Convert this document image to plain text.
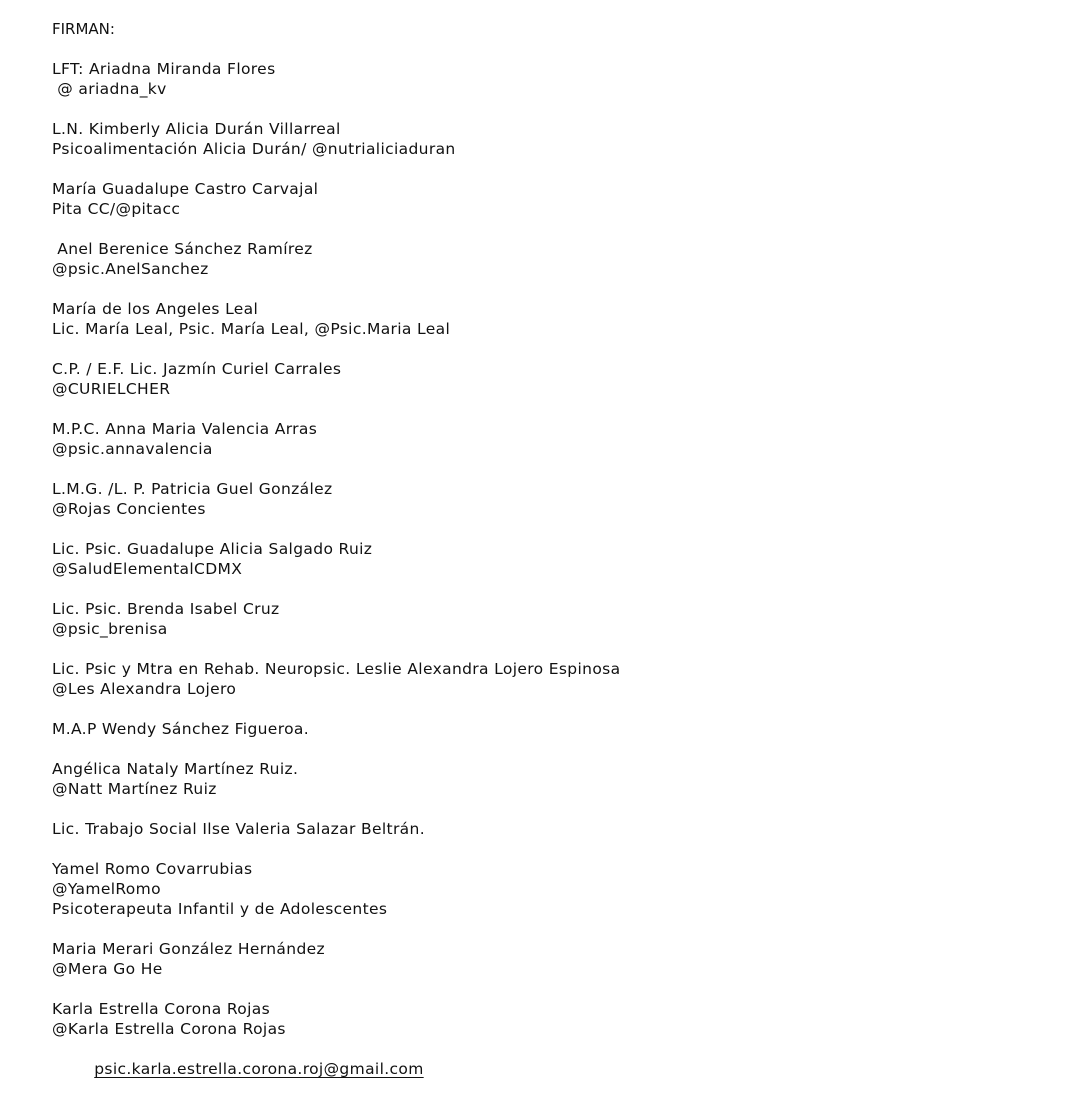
FIRMAN:
LFT: Ariadna Miranda Flores
@ ariadna_kv
L.N. Kimberly Alicia Durán Villarreal
Psicoalimentación Alicia Durán/ @nutrialiciaduran
María Guadalupe Castro Carvajal
Pita CC/@pitacc
Anel Berenice Sánchez Ramírez
@psic.AnelSanchez
María de los Angeles Leal
Lic. María Leal, Psic. María Leal, @Psic.Maria Leal
C.P. / E.F. Lic. Jazmín Curiel Carrales
@CURIELCHER
M.P.C. Anna Maria Valencia Arras
@psic.annavalencia
L.M.G. /L. P. Patricia Guel González
@Rojas Concientes
Lic. Psic. Guadalupe Alicia Salgado Ruiz
@SaludElementalCDMX
Lic. Psic. Brenda Isabel Cruz
@psic_brenisa
Lic. Psic y Mtra en Rehab. Neuropsic. Leslie Alexandra Lojero Espinosa
@Les Alexandra Lojero
M.A.P Wendy Sánchez Figueroa.
Angélica Nataly Martínez Ruiz.
@Natt Martínez Ruiz
Lic. Trabajo Social Ilse Valeria Salazar Beltrán.
Yamel Romo Covarrubias
@YamelRomo
Psicoterapeuta Infantil y de Adolescentes
Maria Merari González Hernández
@Mera Go He
Karla Estrella Corona Rojas
@Karla Estrella Corona Rojas

psic.karla.estrella.corona.roj@gmail.com
